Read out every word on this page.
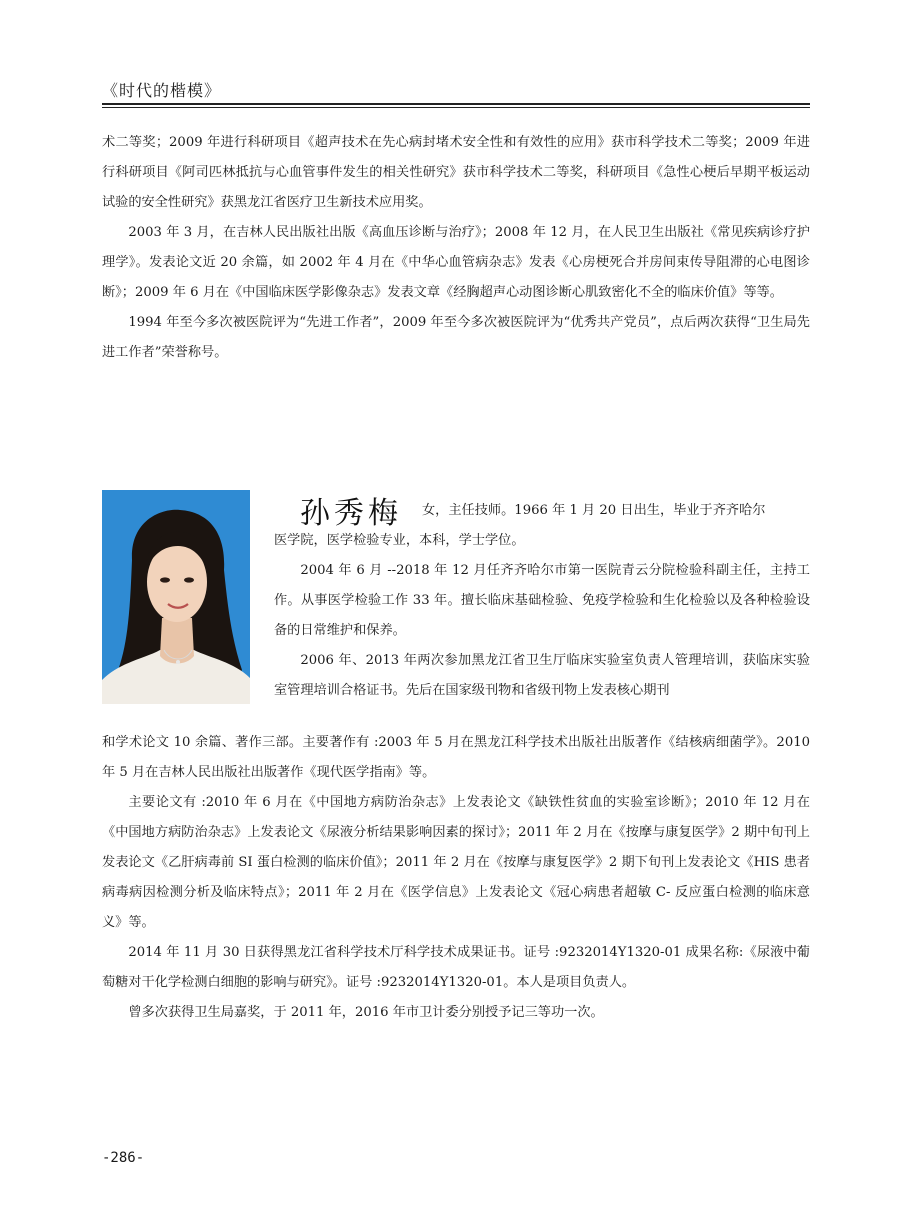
《时代的楷模》

术二等奖；2009 年进行科研项目《超声技术在先心病封堵术安全性和有效性的应用》获市科学技术二等奖；2009 年进行科研项目《阿司匹林抵抗与心血管事件发生的相关性研究》获市科学技术二等奖，科研项目《急性心梗后早期平板运动试验的安全性研究》获黑龙江省医疗卫生新技术应用奖。

2003 年 3 月，在吉林人民出版社出版《高血压诊断与治疗》；2008 年 12 月，在人民卫生出版社《常见疾病诊疗护理学》。发表论文近 20 余篇，如 2002 年 4 月在《中华心血管病杂志》发表《心房梗死合并房间束传导阻滞的心电图诊断》；2009 年 6 月在《中国临床医学影像杂志》发表文章《经胸超声心动图诊断心肌致密化不全的临床价值》等等。

1994 年至今多次被医院评为“先进工作者”，2009 年至今多次被医院评为“优秀共产党员”，点后两次获得“卫生局先进工作者”荣誉称号。

孙秀梅 女，主任技师。1966 年 1 月 20 日出生，毕业于齐齐哈尔

医学院，医学检验专业，本科，学士学位。

2004 年 6 月 --2018 年 12 月任齐齐哈尔市第一医院青云分院检验科副主任，主持工作。从事医学检验工作 33 年。擅长临床基础检验、免疫学检验和生化检验以及各种检验设备的日常维护和保养。

2006 年、2013 年两次参加黑龙江省卫生厅临床实验室负责人管理培训，获临床实验室管理培训合格证书。先后在国家级刊物和省级刊物上发表核心期刊

和学术论文 10 余篇、著作三部。主要著作有 :2003 年 5 月在黑龙江科学技术出版社出版著作《结核病细菌学》。2010 年 5 月在吉林人民出版社出版著作《现代医学指南》等。

主要论文有 :2010 年 6 月在《中国地方病防治杂志》上发表论文《缺铁性贫血的实验室诊断》；2010 年 12 月在《中国地方病防治杂志》上发表论文《尿液分析结果影响因素的探讨》；2011 年 2 月在《按摩与康复医学》2 期中旬刊上发表论文《乙肝病毒前 SI 蛋白检测的临床价值》；2011 年 2 月在《按摩与康复医学》2 期下旬刊上发表论文《HIS 患者病毒病因检测分析及临床特点》；2011 年 2 月在《医学信息》上发表论文《冠心病患者超敏 C- 反应蛋白检测的临床意义》等。

2014 年 11 月 30 日获得黑龙江省科学技术厅科学技术成果证书。证号 :9232014Y1320-01 成果名称:《尿液中葡萄糖对干化学检测白细胞的影响与研究》。证号 :9232014Y1320-01。本人是项目负责人。

曾多次获得卫生局嘉奖，于 2011 年，2016 年市卫计委分别授予记三等功一次。

-286-
